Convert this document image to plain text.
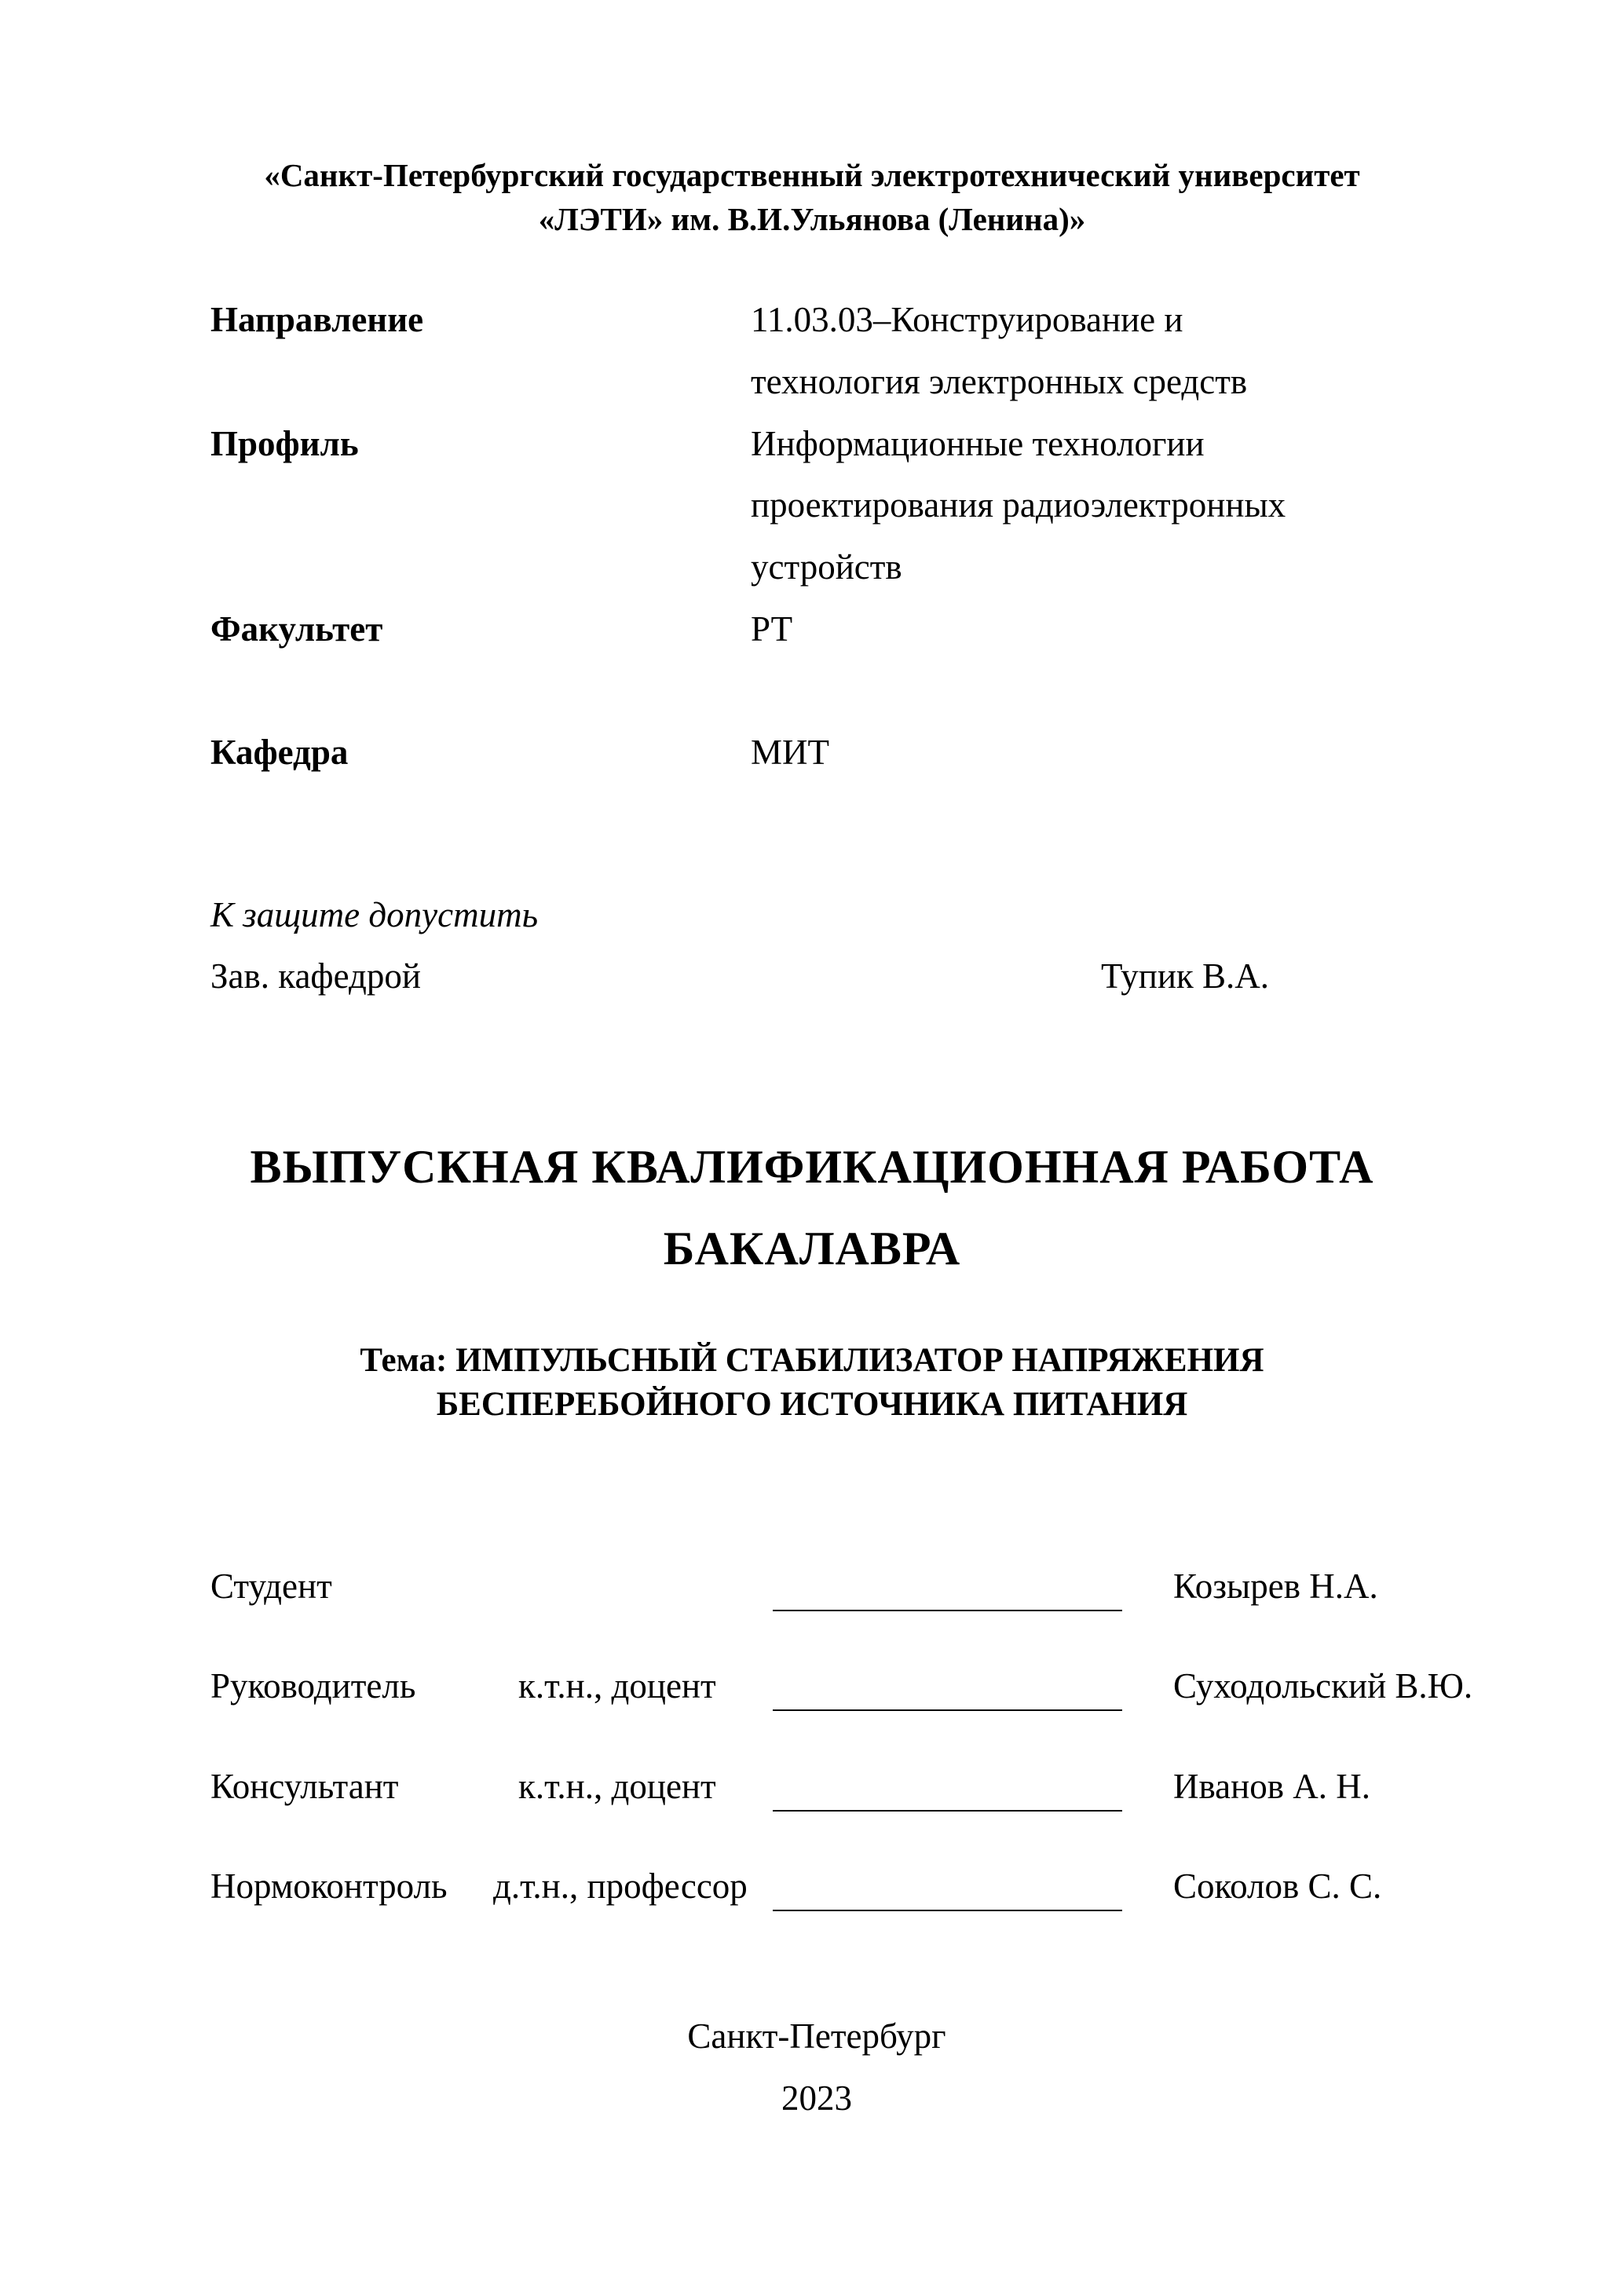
«Санкт-Петербургский государственный электротехнический университет
«ЛЭТИ» им. В.И.Ульянова (Ленина)»
Направление	11.03.03–Конструирование и
технология электронных средств
Профиль	Информационные технологии
проектирования радиоэлектронных
устройств
Факультет	РТ
Кафедра	МИТ
К защите допустить
Зав. кафедрой	Тупик В.А.
ВЫПУСКНАЯ КВАЛИФИКАЦИОННАЯ РАБОТА
БАКАЛАВРА
Тема: ИМПУЛЬСНЫЙ СТАБИЛИЗАТОР НАПРЯЖЕНИЯ
БЕСПЕРЕБОЙНОГО ИСТОЧНИКА ПИТАНИЯ
Студент	Козырев Н.А.
Руководитель	к.т.н., доцент	Суходольский В.Ю.
Консультант	к.т.н., доцент	Иванов А. Н.
Нормоконтроль д.т.н., профессор	Соколов С. С.
Санкт-Петербург
2023
